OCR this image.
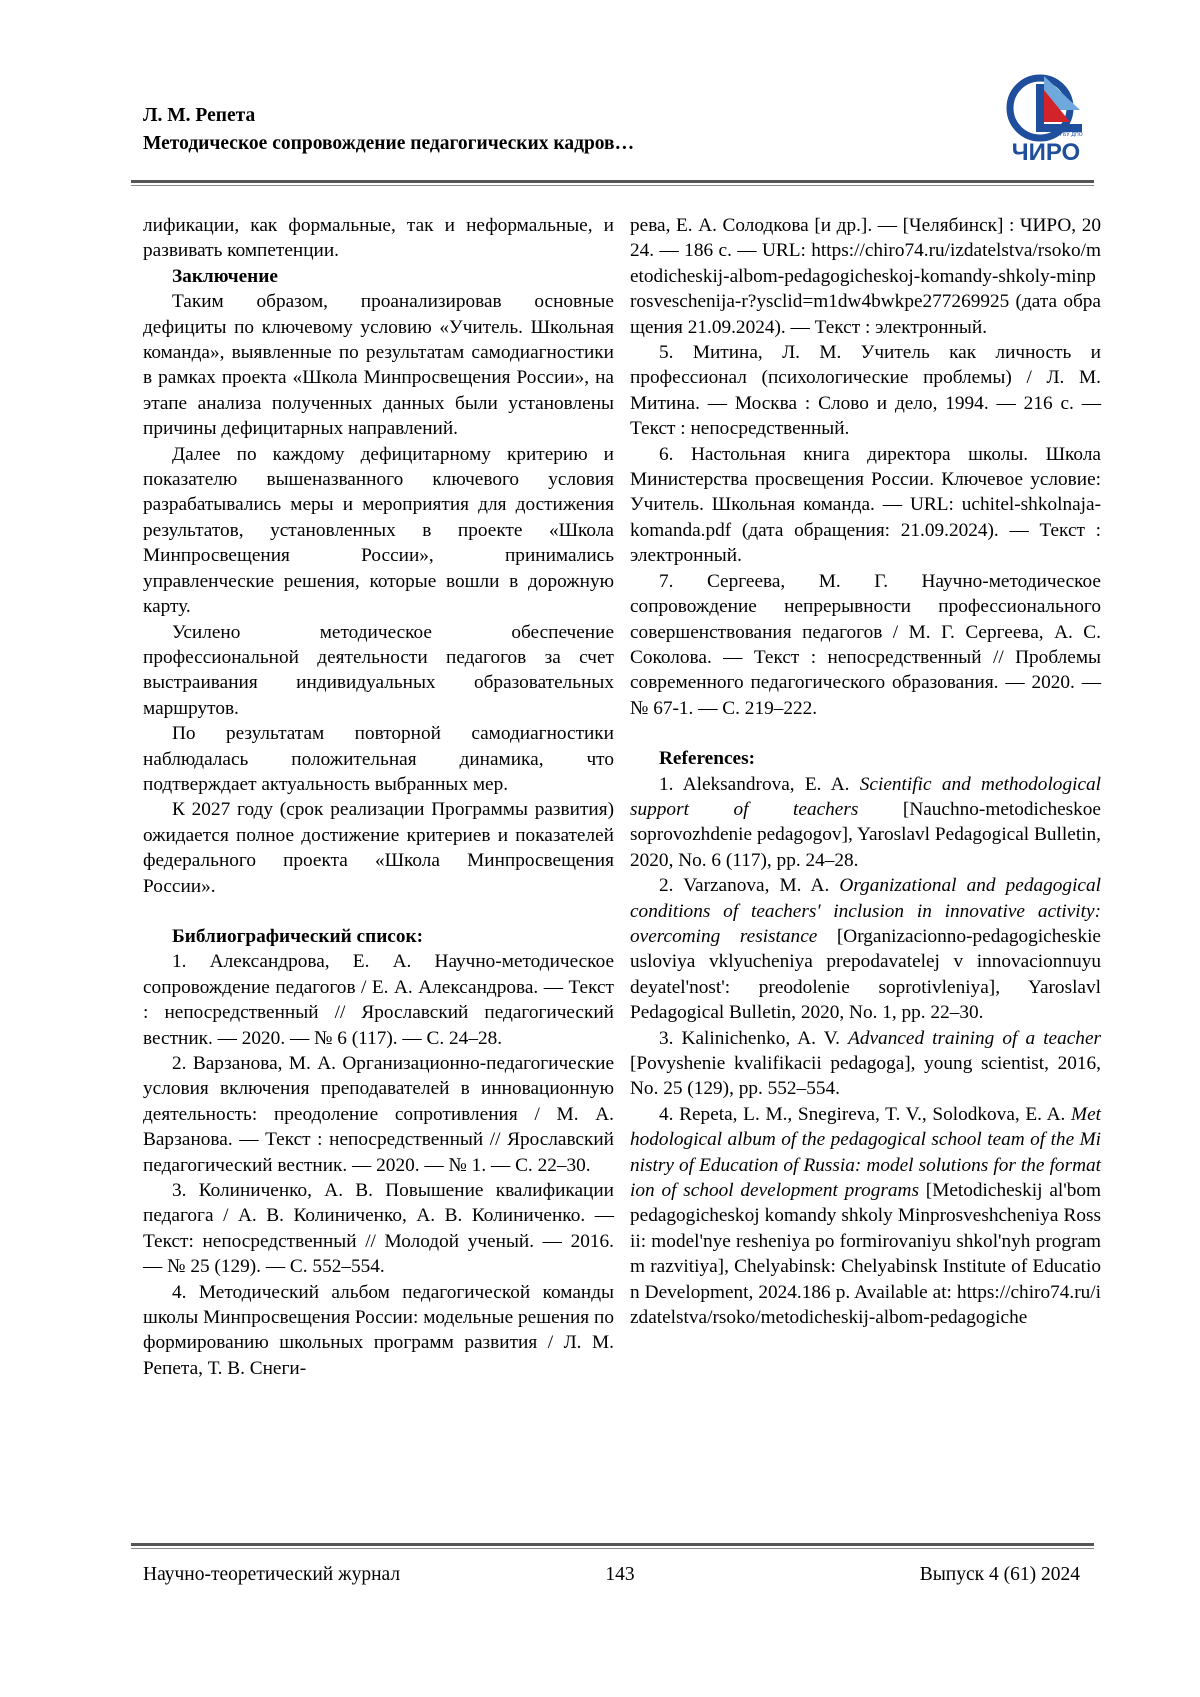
Л. М. Репета
Методическое сопровождение педагогических кадров…	ГБУ ДПО
ЧИРО

лификации, как формальные, так и неформальные, и развивать компетенции.

Заключение

Таким образом, проанализировав основные дефициты по ключевому условию «Учитель. Школьная команда», выявленные по результатам самодиагностики в рамках проекта «Школа Минпросвещения России», на этапе анализа полученных данных были установлены причины дефицитарных направлений.

Далее по каждому дефицитарному критерию и показателю вышеназванного ключевого условия разрабатывались меры и мероприятия для достижения результатов, установленных в проекте «Школа Минпросвещения России», принимались управленческие решения, которые вошли в дорожную карту.

Усилено методическое обеспечение профессиональной деятельности педагогов за счет выстраивания индивидуальных образовательных маршрутов.

По результатам повторной самодиагностики наблюдалась положительная динамика, что подтверждает актуальность выбранных мер.

К 2027 году (срок реализации Программы развития) ожидается полное достижение критериев и показателей федерального проекта «Школа Минпросвещения России».

Библиографический список:

1. Александрова, Е. А. Научно-методическое сопровождение педагогов / Е. А. Александрова. — Текст : непосредственный // Ярославский педагогический вестник. — 2020. — № 6 (117). — С. 24–28.

2. Варзанова, М. А. Организационно-педагогические условия включения преподавателей в инновационную деятельность: преодоление сопротивления / М. А. Варзанова. — Текст : непосредственный // Ярославский педагогический вестник. — 2020. — № 1. — С. 22–30.

3. Колиниченко, А. В. Повышение квалификации педагога / А. В. Колиниченко, А. В. Колиниченко. — Текст: непосредственный // Молодой ученый. — 2016. — № 25 (129). — С. 552–554.

4. Методический альбом педагогической команды школы Минпросвещения России: модельные решения по формированию школьных программ развития / Л. М. Репета, Т. В. Снеги-

рева, Е. А. Солодкова [и др.]. — [Челябинск] : ЧИРО, 2024. — 186 с. — URL: https://chiro74.ru/izdatelstva/rsoko/metodicheskij-albom-pedagogicheskoj-komandy-shkoly-minprosveschenija-r?ysclid=m1dw4bwkpe277269925 (дата обращения 21.09.2024). — Текст : электронный.

5. Митина, Л. М. Учитель как личность и профессионал (психологические проблемы) / Л. М. Митина. — Москва : Слово и дело, 1994. — 216 с. — Текст : непосредственный.

6. Настольная книга директора школы. Школа Министерства просвещения России. Ключевое условие: Учитель. Школьная команда. — URL: uchitel-shkolnaja-komanda.pdf (дата обращения: 21.09.2024). — Текст : электронный.

7. Сергеева, М. Г. Научно-методическое сопровождение непрерывности профессионального совершенствования педагогов / М. Г. Сергеева, А. С. Соколова. — Текст : непосредственный // Проблемы современного педагогического образования. — 2020. — № 67-1. — С. 219–222.

References:

1. Aleksandrova, E. A. Scientific and methodological support of teachers [Nauchno-metodicheskoe soprovozhdenie pedagogov], Yaroslavl Pedagogical Bulletin, 2020, No. 6 (117), pp. 24–28.

2. Varzanova, M. A. Organizational and pedagogical conditions of teachers' inclusion in innovative activity: overcoming resistance [Organizacionno-pedagogicheskie usloviya vklyucheniya prepodavatelej v innovacionnuyu deyatel'nost': preodolenie soprotivleniya], Yaroslavl Pedagogical Bulletin, 2020, No. 1, pp. 22–30.

3. Kalinichenko, A. V. Advanced training of a teacher [Povyshenie kvalifikacii pedagoga], young scientist, 2016, No. 25 (129), pp. 552–554.

4. Repeta, L. M., Snegireva, T. V., Solodkova, E. A. Methodological album of the pedagogical school team of the Ministry of Education of Russia: model solutions for the formation of school development programs [Metodicheskij al'bom pedagogicheskoj komandy shkoly Minprosveshcheniya Rossii: model'nye resheniya po formirovaniyu shkol'nyh programm razvitiya], Chelyabinsk: Chelyabinsk Institute of Education Development, 2024.186 p. Available at: https://chiro74.ru/izdatelstva/rsoko/metodicheskij-albom-pedagogiche

Научно-теоретический журнал	143	Выпуск 4 (61) 2024
